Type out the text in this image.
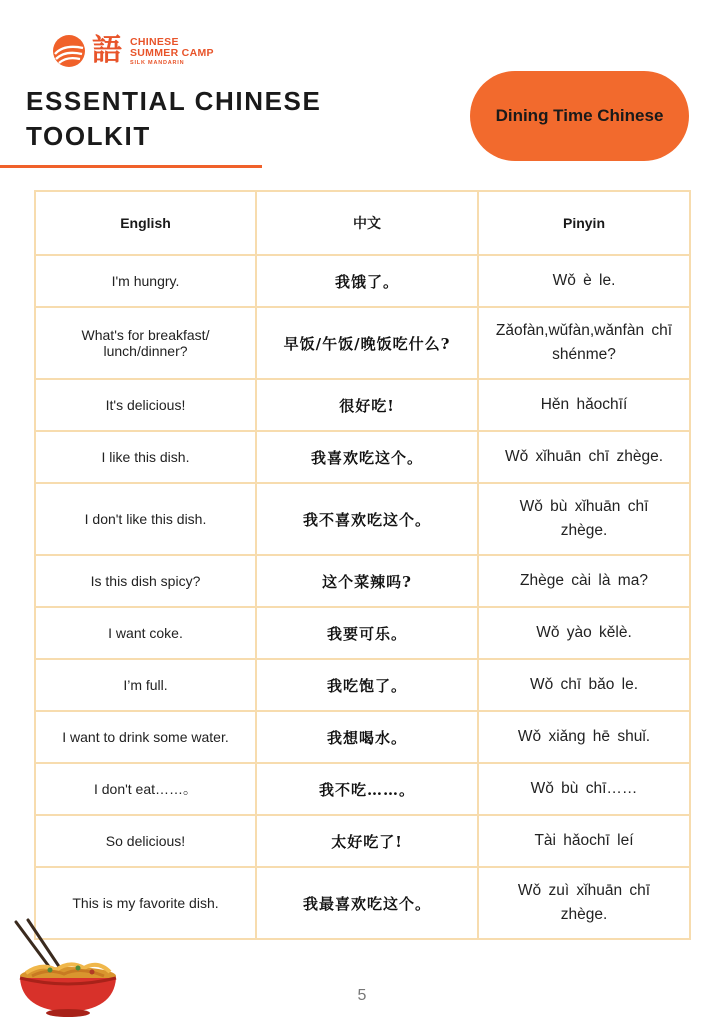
語 CHINESE
SUMMER CAMP
SILK MANDARIN
ESSENTIAL CHINESE
TOOLKIT
Dining Time Chinese
English	中文	Pinyin
I'm hungry.	我饿了。	Wǒ è le.
What's for breakfast/ lunch/dinner?	早饭/午饭/晚饭吃什么?	Zǎofàn,wǔfàn,wǎnfàn chī shénme?
It's delicious!	很好吃!	Hěn hǎochīí
I like this dish.	我喜欢吃这个。	Wǒ xǐhuān chī zhège.
I don't like this dish.	我不喜欢吃这个。	Wǒ bù xǐhuān chī zhège.
Is this dish spicy?	这个菜辣吗?	Zhège cài là ma?
I want coke.	我要可乐。	Wǒ yào kělè.
I’m full.	我吃饱了。	Wǒ chī bǎo le.
I want to drink some water.	我想喝水。	Wǒ xiǎng hē shuǐ.
I don't eat……。	我不吃……。	Wǒ bù chī……
So delicious!	太好吃了!	Tài hǎochī leí
This is my favorite dish.	我最喜欢吃这个。	Wǒ zuì xǐhuān chī zhège.
5
